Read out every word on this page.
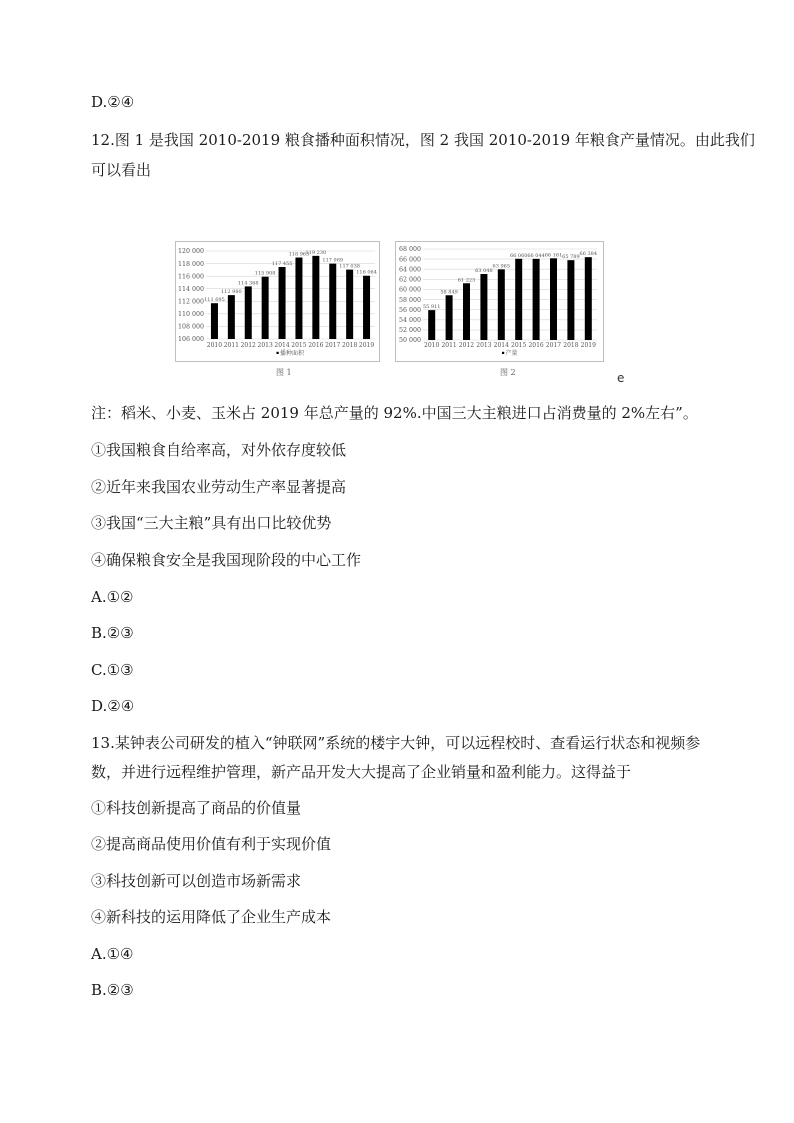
D.②④
12.图 1 是我国 2010-2019 粮食播种面积情况，图 2 我国 2010-2019 年粮食产量情况。由此我们
可以看出
106 000
108 000
110 000
112 000
114 000
116 000
118 000
120 000
111 695
2010
112 980
2011
114 368
2012
115 908
2013
117 455
2014
118 963
2015
119 230
2016
117 989
2017
117 038
2018
116 064
2019
播种面积
图 1
50 000
52 000
54 000
56 000
58 000
60 000
62 000
64 000
66 000
68 000
55 911
2010
58 849
2011
61 223
2012
63 048
2013
63 965
2014
66 060
2015
66 044
2016
66 161
2017
65 789
2018
66 384
2019
产量
图 2	e
注：稻米、小麦、玉米占 2019 年总产量的 92%.中国三大主粮进口占消费量的 2%左右”。
①我国粮食自给率高，对外依存度较低
②近年来我国农业劳动生产率显著提高
③我国“三大主粮”具有出口比较优势
④确保粮食安全是我国现阶段的中心工作
A.①②
B.②③
C.①③
D.②④
13.某钟表公司研发的植入“钟联网”系统的楼宇大钟，可以远程校时、查看运行状态和视频参
数，并进行远程维护管理，新产品开发大大提高了企业销量和盈利能力。这得益于
①科技创新提高了商品的价值量
②提高商品使用价值有利于实现价值
③科技创新可以创造市场新需求
④新科技的运用降低了企业生产成本
A.①④
B.②③
